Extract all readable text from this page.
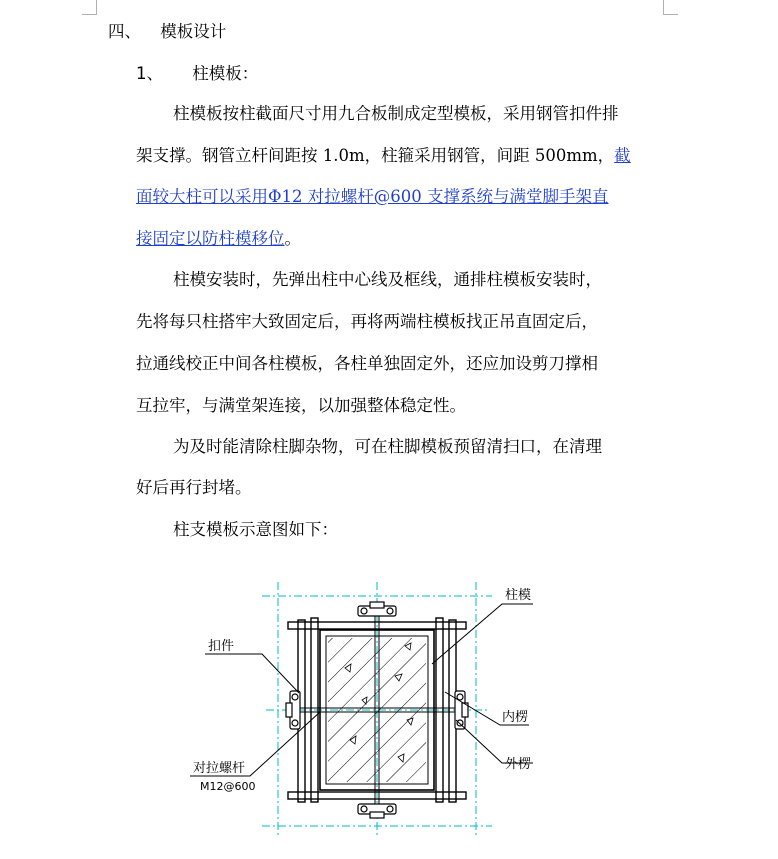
四、 模板设计
1、 柱模板：
柱模板按柱截面尺寸用九合板制成定型模板，采用钢管扣件排
架支撑。钢管立杆间距按 1.0m，柱箍采用钢管，间距 500mm，截
面较大柱可以采用Φ12 对拉螺杆@600 支撑系统与满堂脚手架直
接固定以防柱模移位。
柱模安装时，先弹出柱中心线及框线，通排柱模板安装时，
先将每只柱搭牢大致固定后，再将两端柱模板找正吊直固定后，
拉通线校正中间各柱模板，各柱单独固定外，还应加设剪刀撑相
互拉牢，与满堂架连接，以加强整体稳定性。
为及时能清除柱脚杂物，可在柱脚模板预留清扫口，在清理
好后再行封堵。
柱支模板示意图如下：
柱模
扣件
内楞
外楞
对拉螺杆
M12@600
